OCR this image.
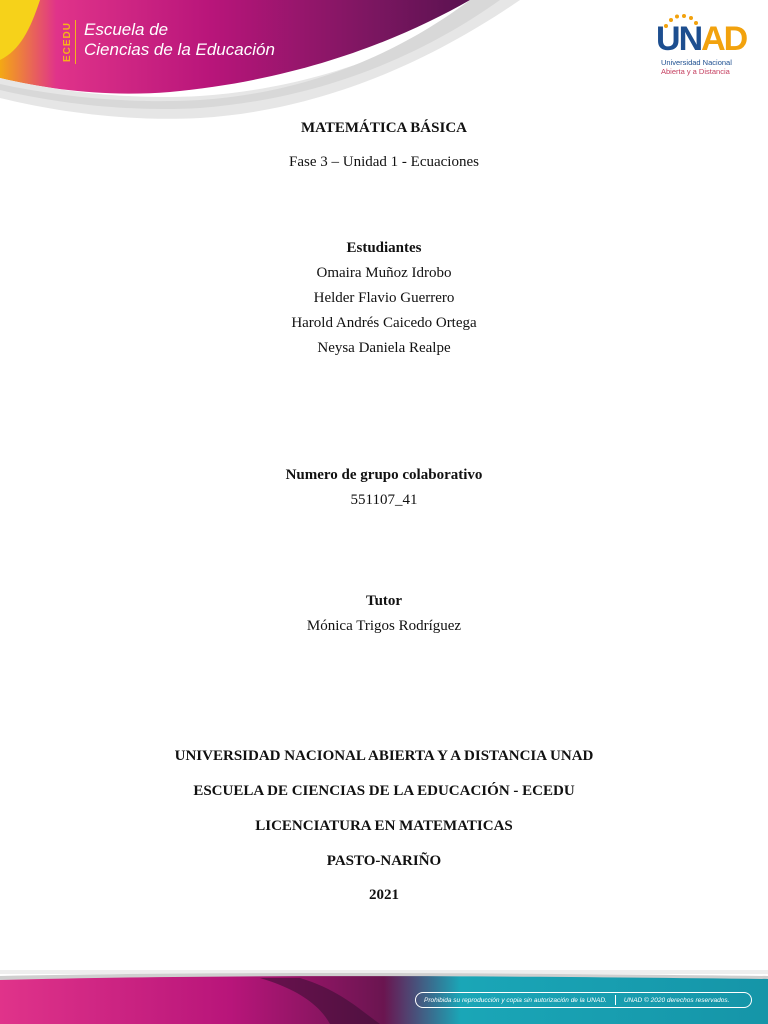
ECEDU Escuela de
Ciencias de la Educación	UNAD
Universidad Nacional
Abierta y a Distancia
MATEMÁTICA BÁSICA
Fase 3 – Unidad 1 - Ecuaciones
Estudiantes
Omaira Muñoz Idrobo
Helder Flavio Guerrero
Harold Andrés Caicedo Ortega
Neysa Daniela Realpe
Numero de grupo colaborativo
551107_41
Tutor
Mónica Trigos Rodríguez
UNIVERSIDAD NACIONAL ABIERTA Y A DISTANCIA UNAD
ESCUELA DE CIENCIAS DE LA EDUCACIÓN - ECEDU
LICENCIATURA EN MATEMATICAS
PASTO-NARIÑO
2021
Prohibida su reproducción y copia sin autorización de la UNAD.	UNAD © 2020 derechos reservados.
